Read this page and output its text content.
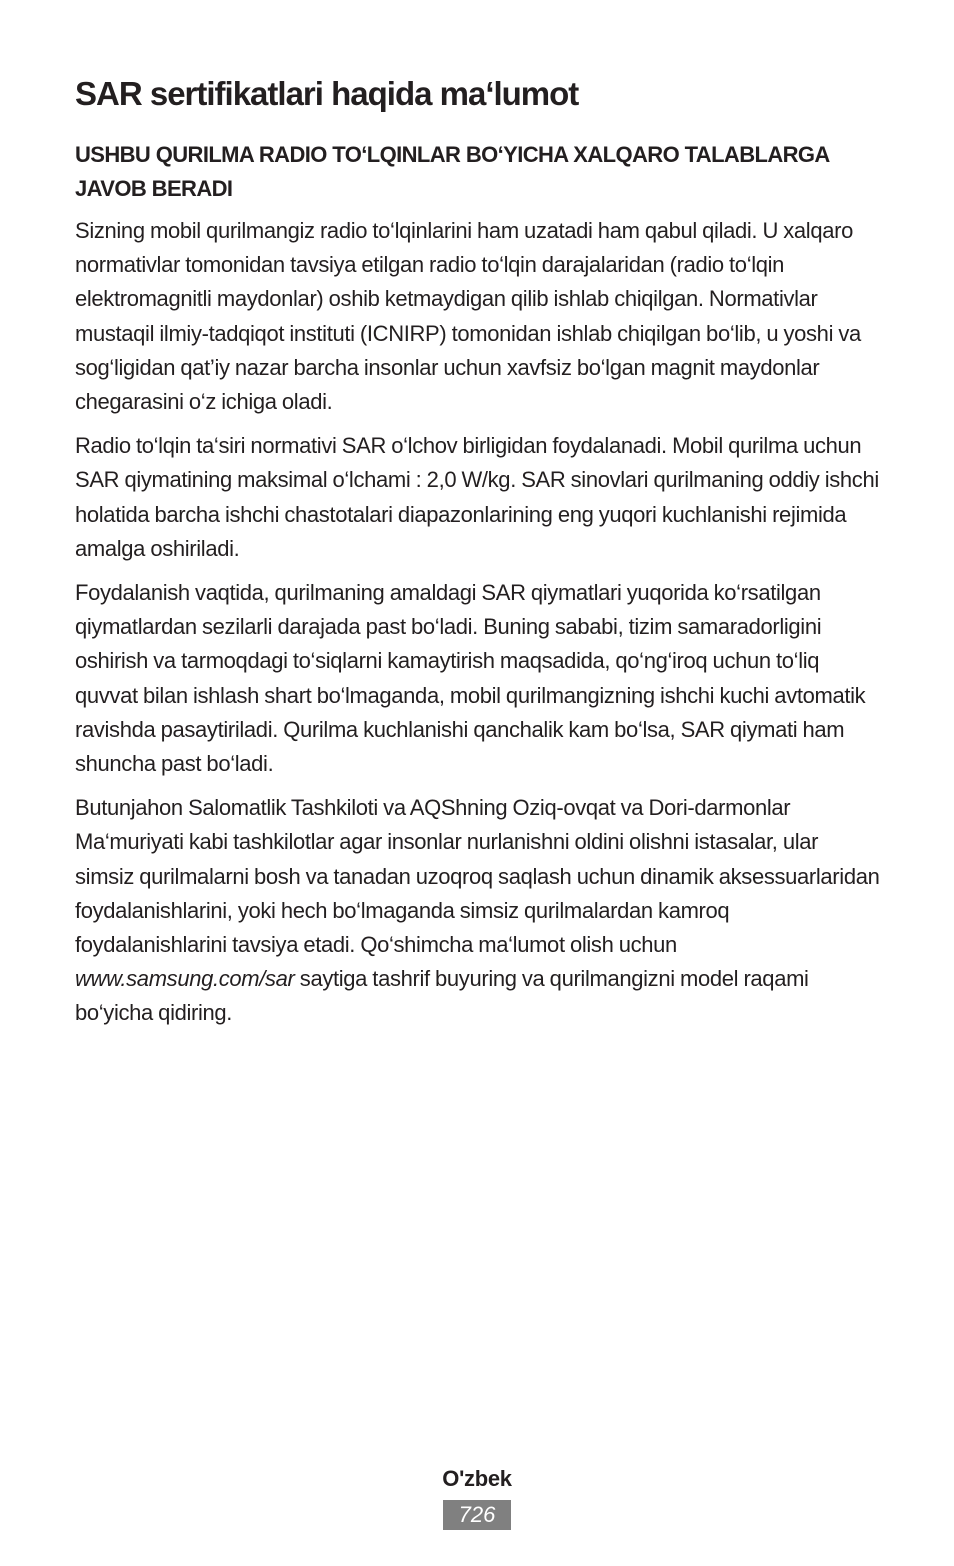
SAR sertifikatlari haqida ma‘lumot
USHBU QURILMA RADIO TO‘LQINLAR BO‘YICHA XALQARO TALABLARGA JAVOB BERADI

Sizning mobil qurilmangiz radio to‘lqinlarini ham uzatadi ham qabul qiladi. U xalqaro normativlar tomonidan tavsiya etilgan radio to‘lqin darajalaridan (radio to‘lqin elektromagnitli maydonlar) oshib ketmaydigan qilib ishlab chiqilgan. Normativlar mustaqil ilmiy-tadqiqot instituti (ICNIRP) tomonidan ishlab chiqilgan bo‘lib, u yoshi va sog‘ligidan qat’iy nazar barcha insonlar uchun xavfsiz bo‘lgan magnit maydonlar chegarasini o‘z ichiga oladi.

Radio to‘lqin ta‘siri normativi SAR o‘lchov birligidan foydalanadi. Mobil qurilma uchun SAR qiymatining maksimal o‘lchami : 2,0 W/kg. SAR sinovlari qurilmaning oddiy ishchi holatida barcha ishchi chastotalari diapazonlarining eng yuqori kuchlanishi rejimida amalga oshiriladi.

Foydalanish vaqtida, qurilmaning amaldagi SAR qiymatlari yuqorida ko‘rsatilgan qiymatlardan sezilarli darajada past bo‘ladi. Buning sababi, tizim samaradorligini oshirish va tarmoqdagi to‘siqlarni kamaytirish maqsadida, qo‘ng‘iroq uchun to‘liq quvvat bilan ishlash shart bo‘lmaganda, mobil qurilmangizning ishchi kuchi avtomatik ravishda pasaytiriladi. Qurilma kuchlanishi qanchalik kam bo‘lsa, SAR qiymati ham shuncha past bo‘ladi.

Butunjahon Salomatlik Tashkiloti va AQShning Oziq-ovqat va Dori-darmonlar Ma‘muriyati kabi tashkilotlar agar insonlar nurlanishni oldini olishni istasalar, ular simsiz qurilmalarni bosh va tanadan uzoqroq saqlash uchun dinamik aksessuarlaridan foydalanishlarini, yoki hech bo‘lmaganda simsiz qurilmalardan kamroq foydalanishlarini tavsiya etadi. Qo‘shimcha ma‘lumot olish uchun www.samsung.com/sar saytiga tashrif buyuring va qurilmangizni model raqami bo‘yicha qidiring.

O'zbek
726
